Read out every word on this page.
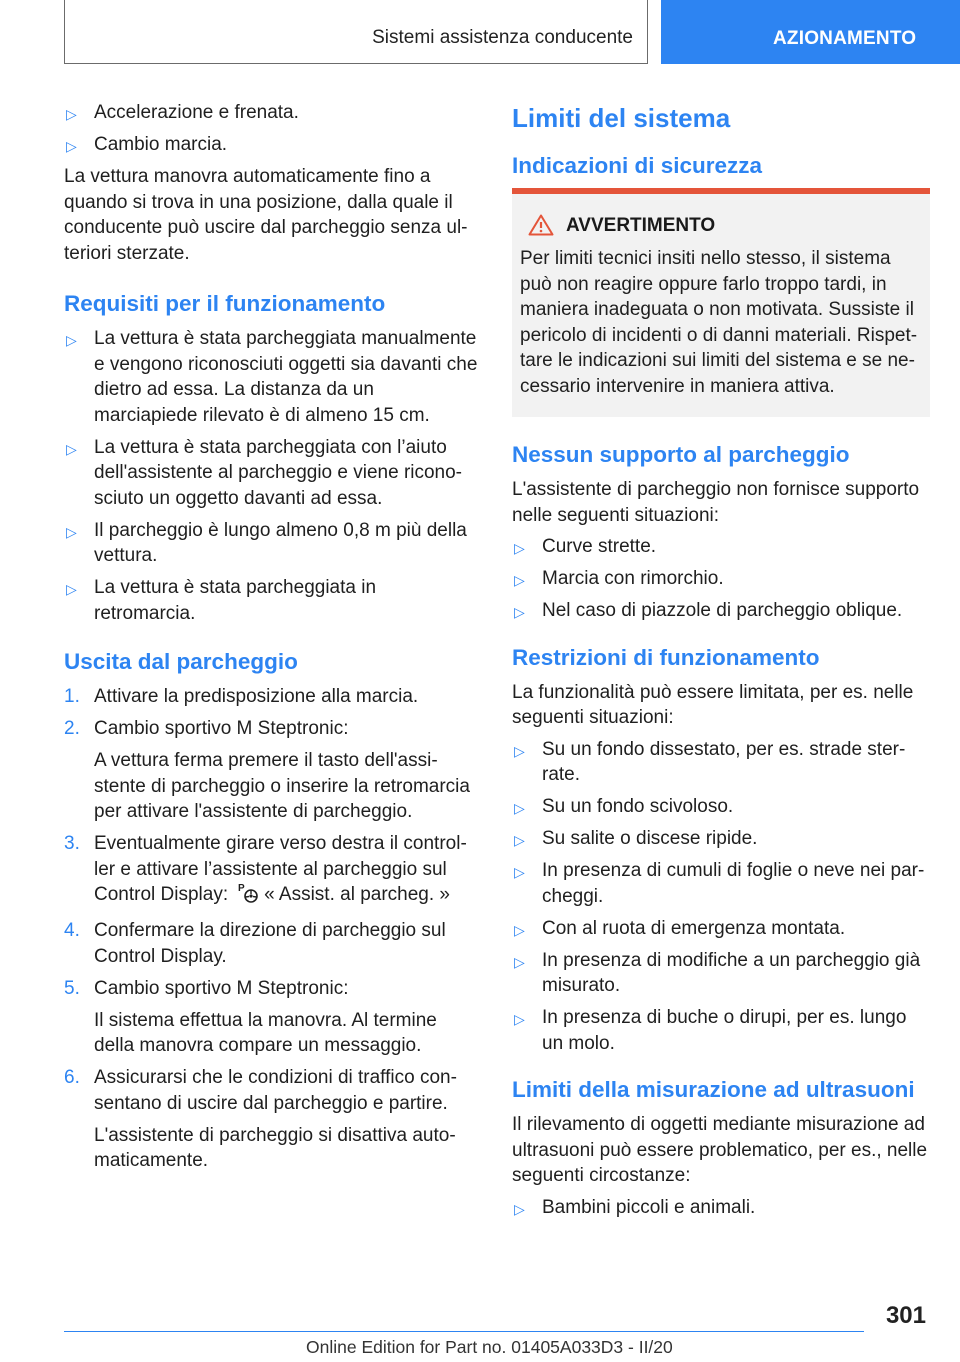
Sistemi assistenza conducente	AZIONAMENTO
▷ Accelerazione e frenata.
▷ Cambio marcia.

La vettura manovra automaticamente fino a quando si trova in una posizione, dalla quale il conducente può uscire dal parcheggio senza ul-teriori sterzate.

Requisiti per il funzionamento
▷ La vettura è stata parcheggiata manualmente e vengono riconosciuti oggetti sia davanti che dietro ad essa. La distanza da un marciapiede rilevato è di almeno 15 cm.
▷ La vettura è stata parcheggiata con l’aiuto dell'assistente al parcheggio e viene ricono-sciuto un oggetto davanti ad essa.
▷ Il parcheggio è lungo almeno 0,8 m più della vettura.
▷ La vettura è stata parcheggiata in retromarcia.
Uscita dal parcheggio
1. Attivare la predisposizione alla marcia.
2. Cambio sportivo M Steptronic:
A vettura ferma premere il tasto dell'assi-stente di parcheggio o inserire la retromarcia per attivare l'assistente di parcheggio.
3. Eventualmente girare verso destra il control-ler e attivare l’assistente al parcheggio sul Control Display: P « Assist. al parcheg. »
4. Confermare la direzione di parcheggio sul Control Display.
5. Cambio sportivo M Steptronic:
Il sistema effettua la manovra. Al termine della manovra compare un messaggio.
6. Assicurarsi che le condizioni di traffico con-sentano di uscire dal parcheggio e partire.
L'assistente di parcheggio si disattiva auto-maticamente.
Limiti del sistema
Indicazioni di sicurezza
AVVERTIMENTO

Per limiti tecnici insiti nello stesso, il sistema può non reagire oppure farlo troppo tardi, in maniera inadeguata o non motivata. Sussiste il pericolo di incidenti o di danni materiali. Rispet-tare le indicazioni sui limiti del sistema e se ne-cessario intervenire in maniera attiva.

Nessun supporto al parcheggio

L'assistente di parcheggio non fornisce supporto nelle seguenti situazioni:

▷ Curve strette.
▷ Marcia con rimorchio.
▷ Nel caso di piazzole di parcheggio oblique.
Restrizioni di funzionamento

La funzionalità può essere limitata, per es. nelle seguenti situazioni:

▷ Su un fondo dissestato, per es. strade ster-rate.
▷ Su un fondo scivoloso.
▷ Su salite o discese ripide.
▷ In presenza di cumuli di foglie o neve nei par-cheggi.
▷ Con al ruota di emergenza montata.
▷ In presenza di modifiche a un parcheggio già misurato.
▷ In presenza di buche o dirupi, per es. lungo un molo.
Limiti della misurazione ad ultrasuoni

Il rilevamento di oggetti mediante misurazione ad ultrasuoni può essere problematico, per es., nelle seguenti circostanze:

▷ Bambini piccoli e animali.
301
Online Edition for Part no. 01405A033D3 - II/20
